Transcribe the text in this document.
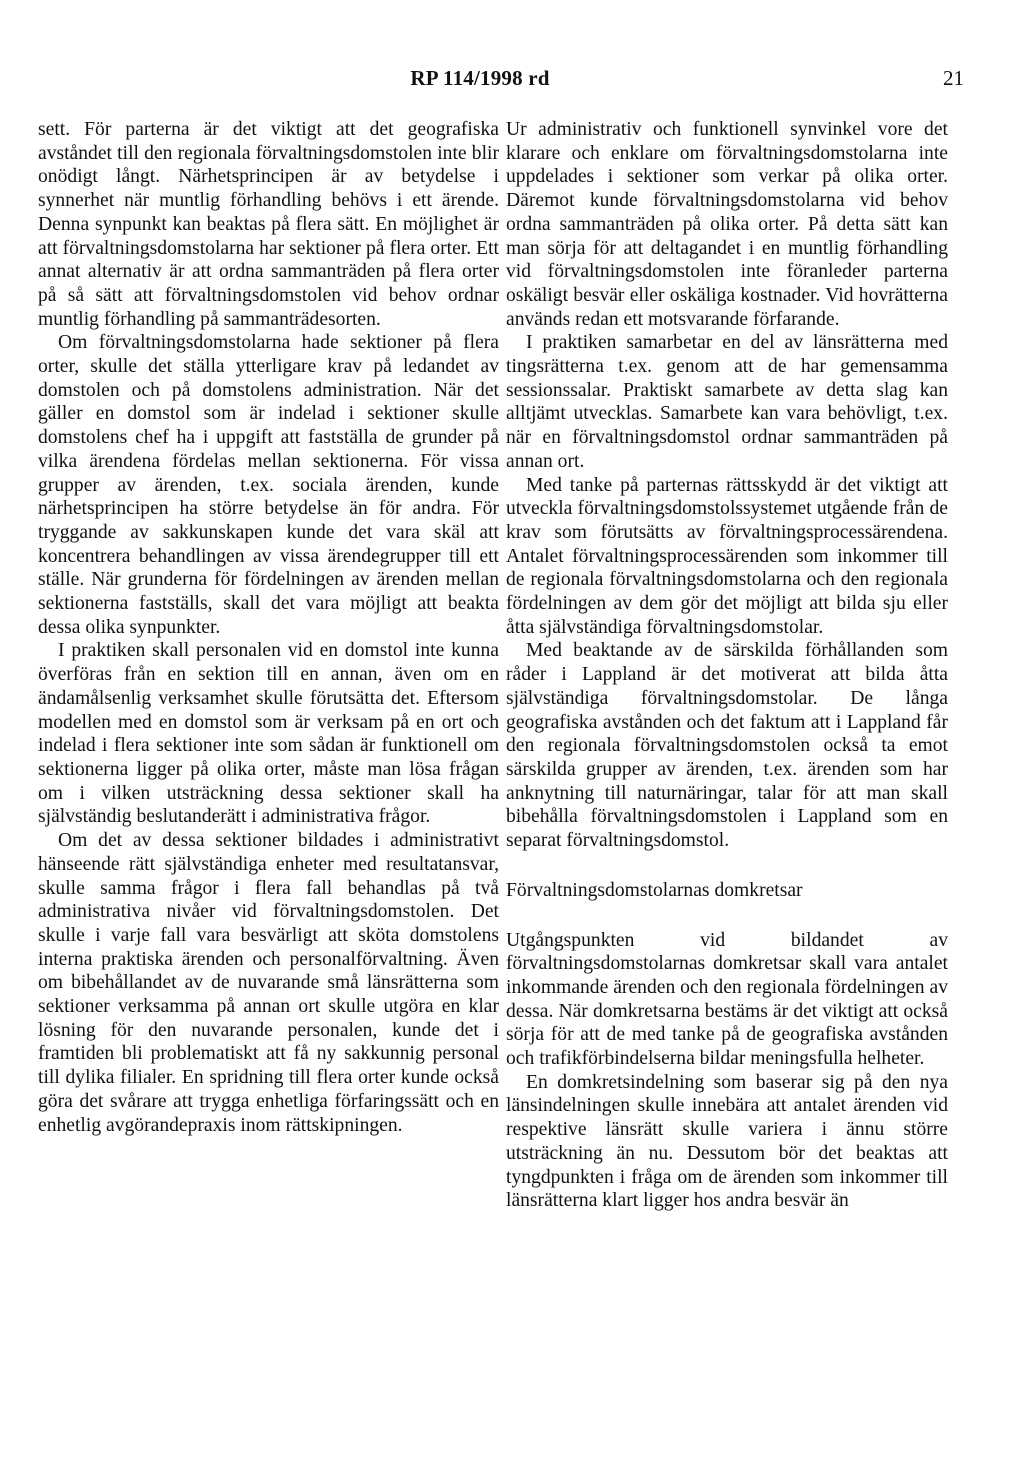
RP 114/1998 rd	21

sett. För parterna är det viktigt att det geografiska avståndet till den regionala förvaltningsdomstolen inte blir onödigt långt. Närhetsprincipen är av betydelse i synnerhet när muntlig förhandling behövs i ett ärende. Denna synpunkt kan beaktas på flera sätt. En möjlighet är att förvaltningsdomstolarna har sektioner på flera orter. Ett annat alternativ är att ordna sammanträden på flera orter på så sätt att förvaltningsdomstolen vid behov ordnar muntlig förhandling på sammanträdesorten.

Om förvaltningsdomstolarna hade sektioner på flera orter, skulle det ställa ytterligare krav på ledandet av domstolen och på domstolens administration. När det gäller en domstol som är indelad i sektioner skulle domstolens chef ha i uppgift att fastställa de grunder på vilka ärendena fördelas mellan sektionerna. För vissa grupper av ärenden, t.ex. sociala ärenden, kunde närhetsprincipen ha större betydelse än för andra. För tryggande av sakkunskapen kunde det vara skäl att koncentrera behandlingen av vissa ärendegrupper till ett ställe. När grunderna för fördelningen av ärenden mellan sektionerna fastställs, skall det vara möjligt att beakta dessa olika synpunkter.

I praktiken skall personalen vid en domstol inte kunna överföras från en sektion till en annan, även om en ändamålsenlig verksamhet skulle förutsätta det. Eftersom modellen med en domstol som är verksam på en ort och indelad i flera sektioner inte som sådan är funktionell om sektionerna ligger på olika orter, måste man lösa frågan om i vilken utsträckning dessa sektioner skall ha självständig beslutanderätt i administrativa frågor.

Om det av dessa sektioner bildades i administrativt hänseende rätt självständiga enheter med resultatansvar, skulle samma frågor i flera fall behandlas på två administrativa nivåer vid förvaltningsdomstolen. Det skulle i varje fall vara besvärligt att sköta domstolens interna praktiska ärenden och personalförvaltning. Även om bibehållandet av de nuvarande små länsrätterna som sektioner verksamma på annan ort skulle utgöra en klar lösning för den nuvarande personalen, kunde det i framtiden bli problematiskt att få ny sakkunnig personal till dylika filialer. En spridning till flera orter kunde också göra det svårare att trygga enhetliga förfaringssätt och en enhetlig avgörandepraxis inom rättskipningen.

Ur administrativ och funktionell synvinkel vore det klarare och enklare om förvaltningsdomstolarna inte uppdelades i sektioner som verkar på olika orter. Däremot kunde förvaltningsdomstolarna vid behov ordna sammanträden på olika orter. På detta sätt kan man sörja för att deltagandet i en muntlig förhandling vid förvaltningsdomstolen inte föranleder parterna oskäligt besvär eller oskäliga kostnader. Vid hovrätterna används redan ett motsvarande förfarande.

I praktiken samarbetar en del av länsrätterna med tingsrätterna t.ex. genom att de har gemensamma sessionssalar. Praktiskt samarbete av detta slag kan alltjämt utvecklas. Samarbete kan vara behövligt, t.ex. när en förvaltningsdomstol ordnar sammanträden på annan ort.

Med tanke på parternas rättsskydd är det viktigt att utveckla förvaltningsdomstolssystemet utgående från de krav som förutsätts av förvaltningsprocessärendena. Antalet förvaltningsprocessärenden som inkommer till de regionala förvaltningsdomstolarna och den regionala fördelningen av dem gör det möjligt att bilda sju eller åtta självständiga förvaltningsdomstolar.

Med beaktande av de särskilda förhållanden som råder i Lappland är det motiverat att bilda åtta självständiga förvaltningsdomstolar. De långa geografiska avstånden och det faktum att i Lappland får den regionala förvaltningsdomstolen också ta emot särskilda grupper av ärenden, t.ex. ärenden som har anknytning till naturnäringar, talar för att man skall bibehålla förvaltningsdomstolen i Lappland som en separat förvaltningsdomstol.

Förvaltningsdomstolarnas domkretsar

Utgångspunkten vid bildandet av förvaltningsdomstolarnas domkretsar skall vara antalet inkommande ärenden och den regionala fördelningen av dessa. När domkretsarna bestäms är det viktigt att också sörja för att de med tanke på de geografiska avstånden och trafikförbindelserna bildar meningsfulla helheter.

En domkretsindelning som baserar sig på den nya länsindelningen skulle innebära att antalet ärenden vid respektive länsrätt skulle variera i ännu större utsträckning än nu. Dessutom bör det beaktas att tyngdpunkten i fråga om de ärenden som inkommer till länsrätterna klart ligger hos andra besvär än
